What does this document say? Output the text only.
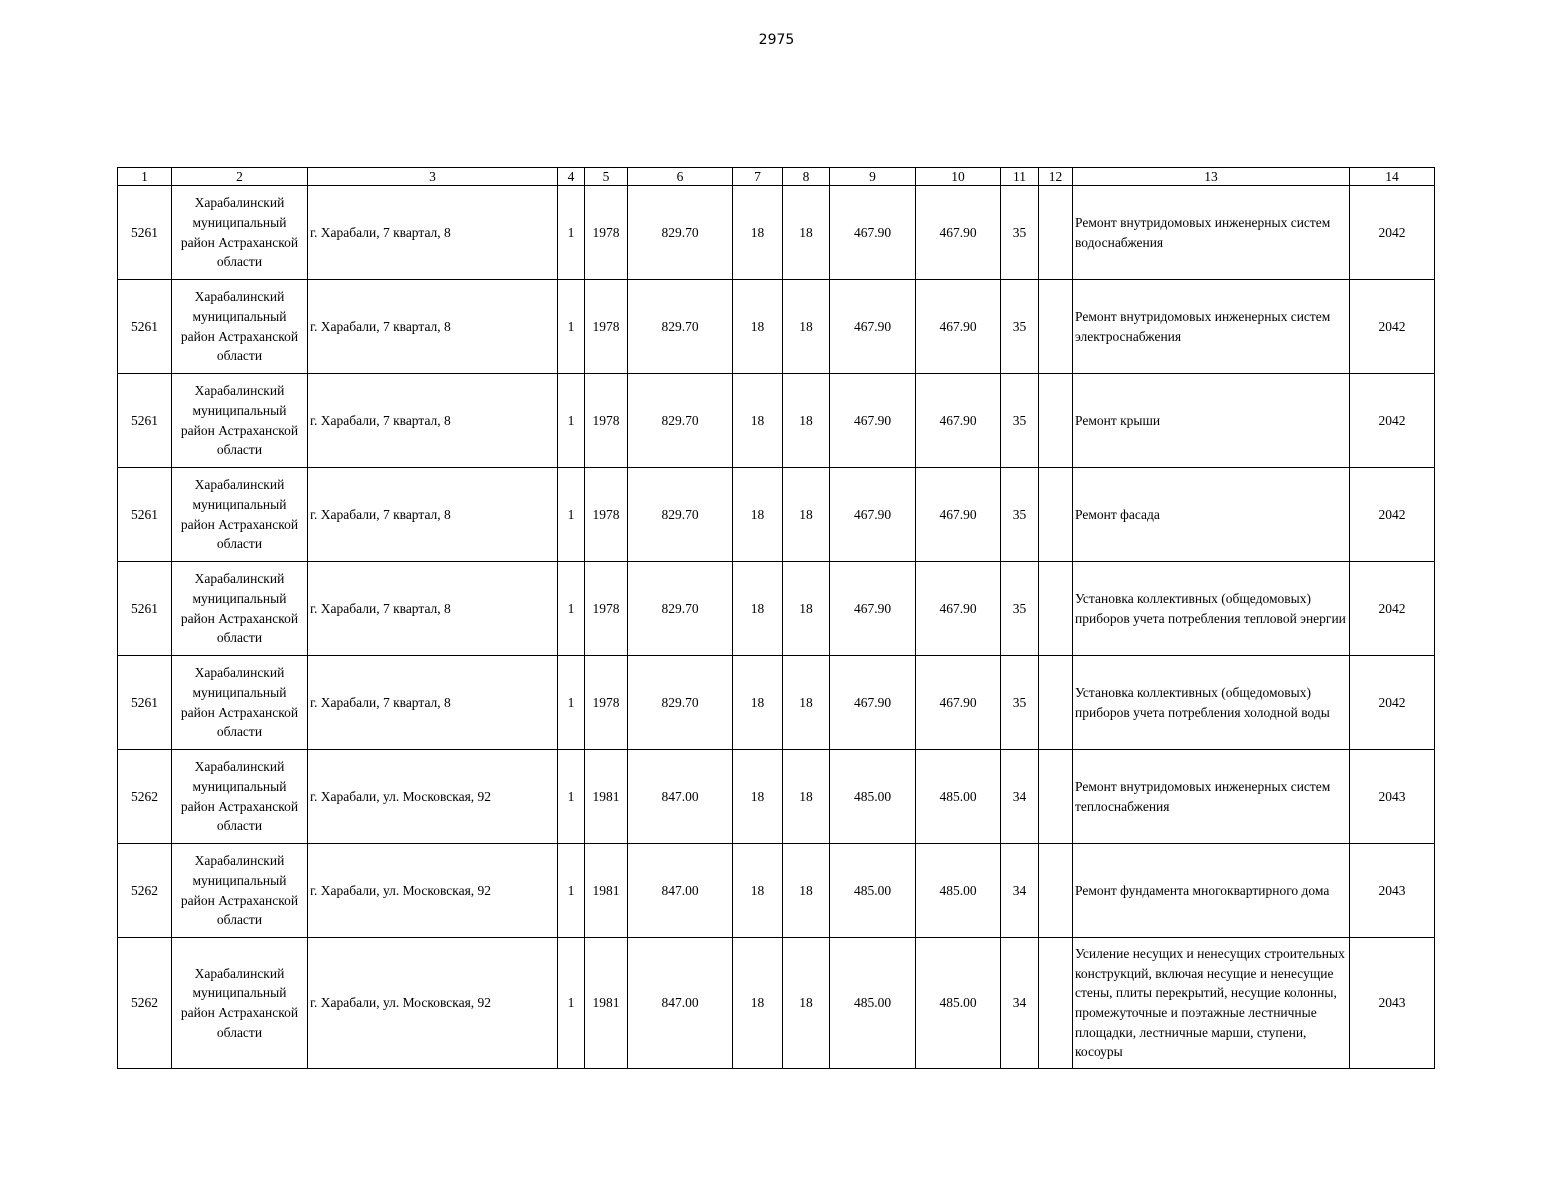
2975
1	2	3	4	5	6	7	8	9	10	11	12	13	14

5261	Харабалинский муниципальный район Астраханской области	г. Харабали, 7 квартал, 8	1	1978	829.70	18	18	467.90	467.90	35		Ремонт внутридомовых инженерных систем водоснабжения	2042

5261	Харабалинский муниципальный район Астраханской области	г. Харабали, 7 квартал, 8	1	1978	829.70	18	18	467.90	467.90	35		Ремонт внутридомовых инженерных систем электроснабжения	2042

5261	Харабалинский муниципальный район Астраханской области	г. Харабали, 7 квартал, 8	1	1978	829.70	18	18	467.90	467.90	35		Ремонт крыши	2042

5261	Харабалинский муниципальный район Астраханской области	г. Харабали, 7 квартал, 8	1	1978	829.70	18	18	467.90	467.90	35		Ремонт фасада	2042

5261	Харабалинский муниципальный район Астраханской области	г. Харабали, 7 квартал, 8	1	1978	829.70	18	18	467.90	467.90	35		Установка коллективных (общедомовых) приборов учета потребления тепловой энергии	2042

5261	Харабалинский муниципальный район Астраханской области	г. Харабали, 7 квартал, 8	1	1978	829.70	18	18	467.90	467.90	35		Установка коллективных (общедомовых) приборов учета потребления холодной воды	2042

5262	Харабалинский муниципальный район Астраханской области	г. Харабали, ул. Московская, 92	1	1981	847.00	18	18	485.00	485.00	34		Ремонт внутридомовых инженерных систем теплоснабжения	2043

5262	Харабалинский муниципальный район Астраханской области	г. Харабали, ул. Московская, 92	1	1981	847.00	18	18	485.00	485.00	34		Ремонт фундамента многоквартирного дома	2043

5262	Харабалинский муниципальный район Астраханской области	г. Харабали, ул. Московская, 92	1	1981	847.00	18	18	485.00	485.00	34		Усиление несущих и ненесущих строительных конструкций, включая несущие и ненесущие стены, плиты перекрытий, несущие колонны, промежуточные и поэтажные лестничные площадки, лестничные марши, ступени, косоуры	2043
